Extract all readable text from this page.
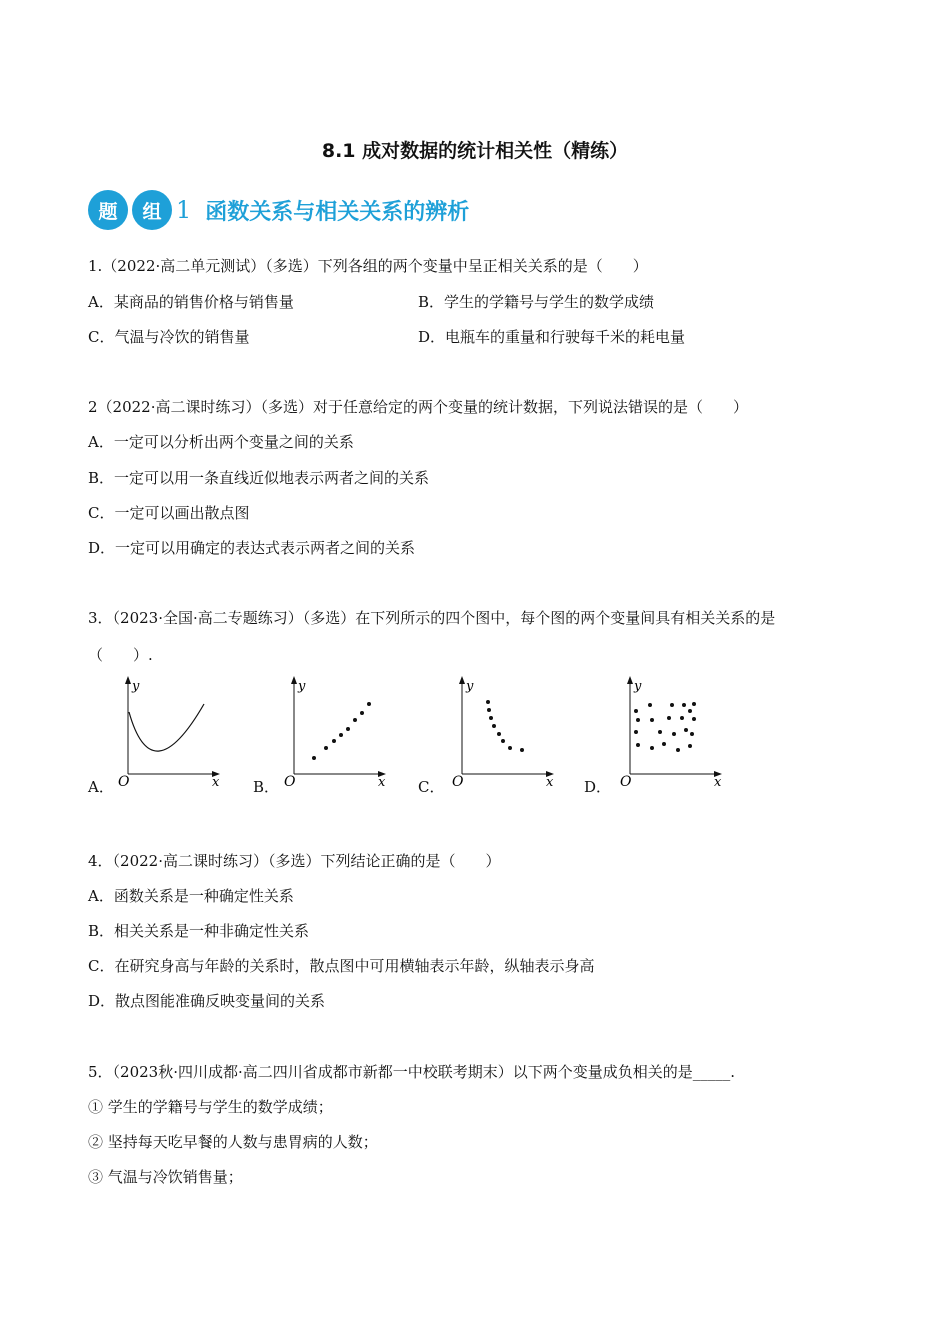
8.1 成对数据的统计相关性（精练）
题	组 1 函数关系与相关关系的辨析
1.（2022·高二单元测试）（多选）下列各组的两个变量中呈正相关关系的是（　　）
A．某商品的销售价格与销售量	B．学生的学籍号与学生的数学成绩
C．气温与冷饮的销售量	D．电瓶车的重量和行驶每千米的耗电量
2（2022·高二课时练习）（多选）对于任意给定的两个变量的统计数据，下列说法错误的是（　　）
A．一定可以分析出两个变量之间的关系
B．一定可以用一条直线近似地表示两者之间的关系
C．一定可以画出散点图
D．一定可以用确定的表达式表示两者之间的关系
3．（2023·全国·高二专题练习）（多选）在下列所示的四个图中，每个图的两个变量间具有相关关系的是
（　　）.
A．	B．	C．	D．
y
O	x
y
O	x
y
O	x
y
O	x
4．（2022·高二课时练习）（多选）下列结论正确的是（　　）
A．函数关系是一种确定性关系
B．相关关系是一种非确定性关系
C．在研究身高与年龄的关系时，散点图中可用横轴表示年龄，纵轴表示身高
D．散点图能准确反映变量间的关系
5．（2023秋·四川成都·高二四川省成都市新都一中校联考期末）以下两个变量成负相关的是_____.
① 学生的学籍号与学生的数学成绩；
② 坚持每天吃早餐的人数与患胃病的人数；
③ 气温与冷饮销售量；
